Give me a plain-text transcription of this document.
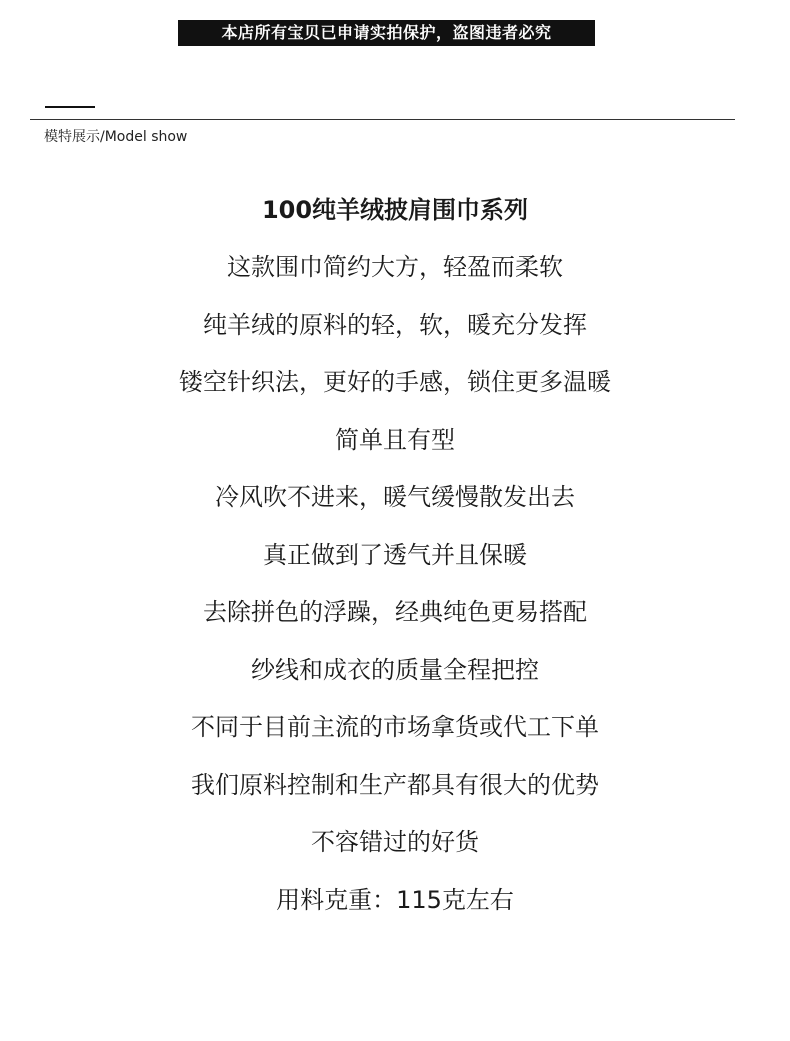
本店所有宝贝已申请实拍保护，盗图违者必究
模特展示/Model show

100纯羊绒披肩围巾系列

这款围巾简约大方，轻盈而柔软

纯羊绒的原料的轻，软，暖充分发挥

镂空针织法，更好的手感，锁住更多温暖

简单且有型

冷风吹不进来，暖气缓慢散发出去

真正做到了透气并且保暖

去除拼色的浮躁，经典纯色更易搭配

纱线和成衣的质量全程把控

不同于目前主流的市场拿货或代工下单

我们原料控制和生产都具有很大的优势

不容错过的好货

用料克重：115克左右
